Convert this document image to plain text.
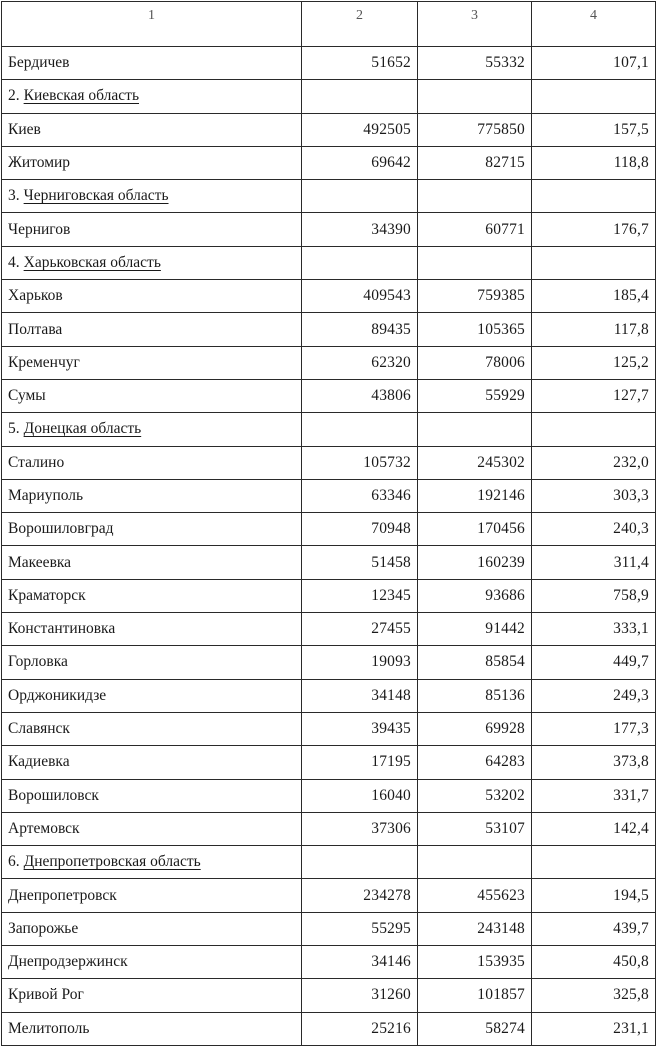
1	2	3	4
Бердичев	51652	55332	107,1
2. Киевская область			
Киев	492505	775850	157,5
Житомир	69642	82715	118,8
3. Черниговская область			
Чернигов	34390	60771	176,7
4. Харьковская область			
Харьков	409543	759385	185,4
Полтава	89435	105365	117,8
Кременчуг	62320	78006	125,2
Сумы	43806	55929	127,7
5. Донецкая область			
Сталино	105732	245302	232,0
Мариуполь	63346	192146	303,3
Ворошиловград	70948	170456	240,3
Макеевка	51458	160239	311,4
Краматорск	12345	93686	758,9
Константиновка	27455	91442	333,1
Горловка	19093	85854	449,7
Орджоникидзе	34148	85136	249,3
Славянск	39435	69928	177,3
Кадиевка	17195	64283	373,8
Ворошиловск	16040	53202	331,7
Артемовск	37306	53107	142,4
6. Днепропетровская область			
Днепропетровск	234278	455623	194,5
Запорожье	55295	243148	439,7
Днепродзержинск	34146	153935	450,8
Кривой Рог	31260	101857	325,8
Мелитополь	25216	58274	231,1
